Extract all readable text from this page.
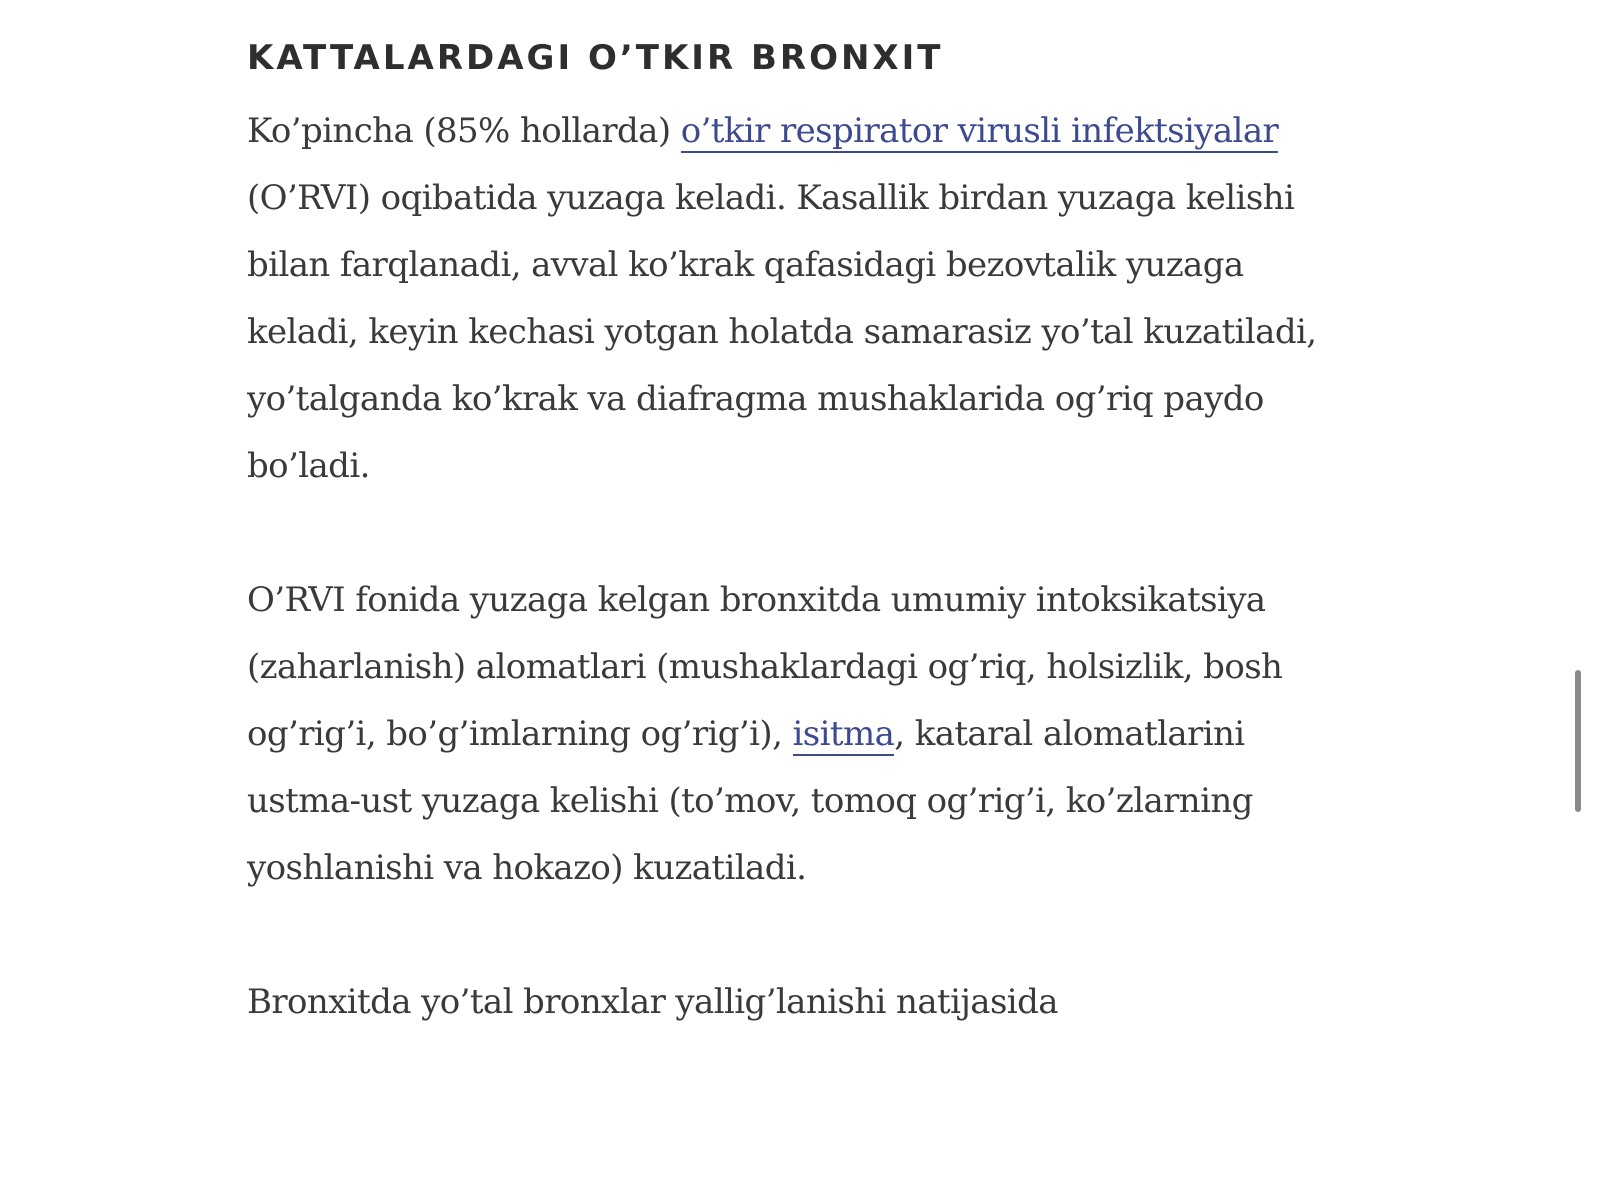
KATTALARDAGI O’TKIR BRONXIT

Ko’pincha (85% hollarda) o’tkir respirator virusli infektsiyalar (O’RVI) oqibatida yuzaga keladi. Kasallik birdan yuzaga kelishi bilan farqlanadi, avval ko’krak qafasidagi bezovtalik yuzaga keladi, keyin kechasi yotgan holatda samarasiz yo’tal kuzatiladi, yo’talganda ko’krak va diafragma mushaklarida og’riq paydo bo’ladi.

O’RVI fonida yuzaga kelgan bronxitda umumiy intoksikatsiya (zaharlanish) alomatlari (mushaklardagi og’riq, holsizlik, bosh og’rig’i, bo’g’imlarning og’rig’i), isitma, kataral alomatlarini ustma-ust yuzaga kelishi (to’mov, tomoq og’rig’i, ko’zlarning yoshlanishi va hokazo) kuzatiladi.

Bronxitda yo’tal bronxlar yallig’lanishi natijasida
